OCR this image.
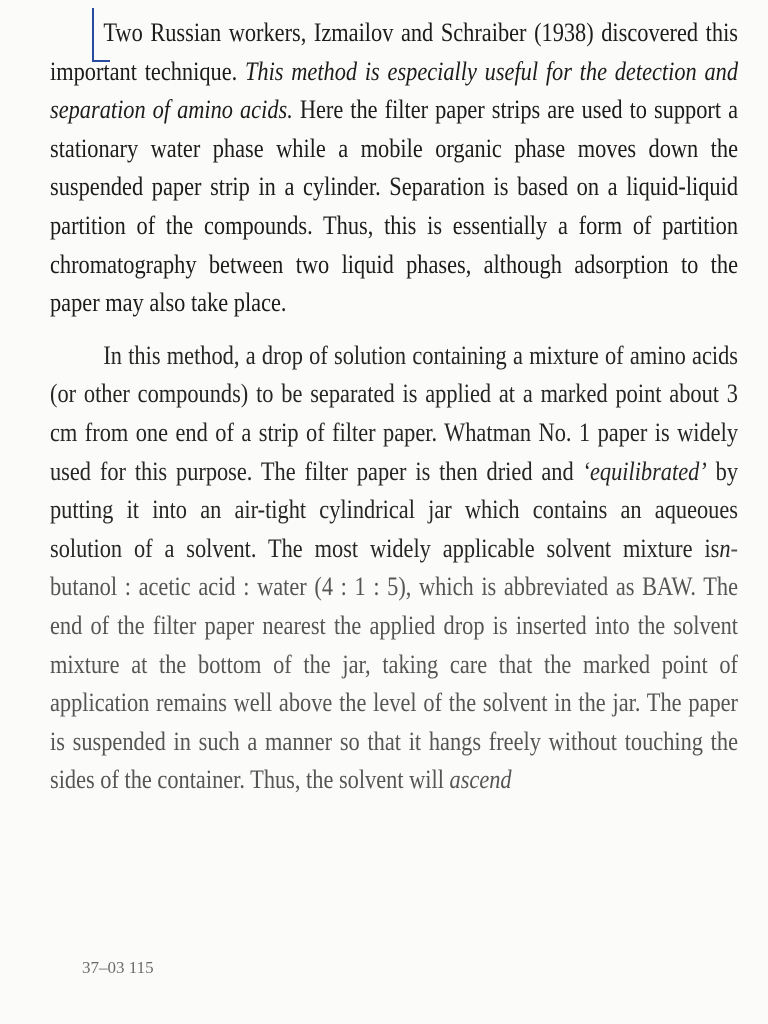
Two Russian workers, Izmailov and Schraiber (1938) discovered this important technique. This method is especially useful for the detection and separation of amino acids. Here the filter paper strips are used to support a stationary water phase while a mobile organic phase moves down the suspended paper strip in a cylinder. Separation is based on a liquid-liquid partition of the compounds. Thus, this is essentially a form of partition chromatography between two liquid phases, although adsorption to the paper may also take place.

In this method, a drop of solution containing a mixture of amino acids (or other compounds) to be separated is applied at a marked point about 3 cm from one end of a strip of filter paper. Whatman No. 1 paper is widely used for this purpose. The filter paper is then dried and ‘equilibrated’ by putting it into an air-tight cylindrical jar which contains an aqueoues solution of a solvent. The most widely applicable solvent mixture isn-butanol : acetic acid : water (4 : 1 : 5), which is abbreviated as BAW. The end of the filter paper nearest the applied drop is inserted into the solvent mixture at the bottom of the jar, taking care that the marked point of application remains well above the level of the solvent in the jar. The paper is suspended in such a manner so that it hangs freely without touching the sides of the container. Thus, the solvent will ascend

37–03 115
